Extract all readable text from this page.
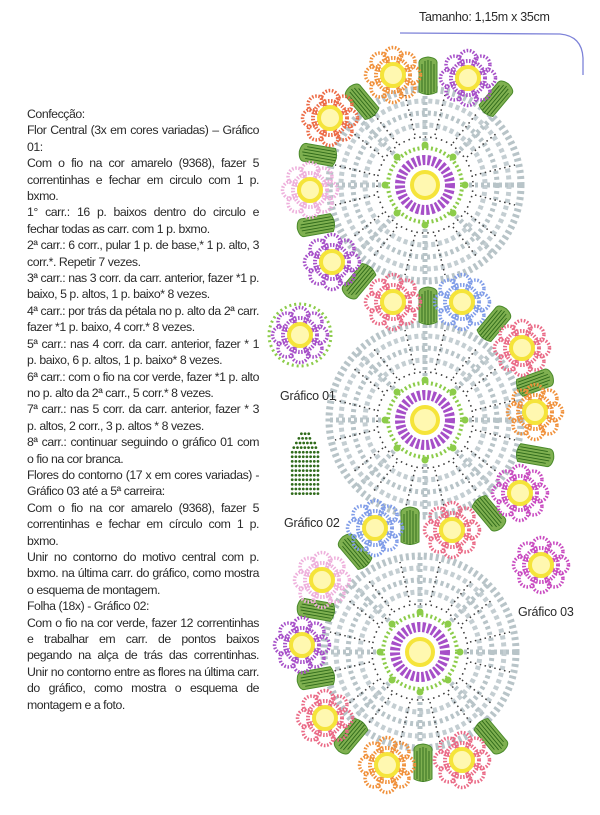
Tamanho: 1,15m x 35cm

Confecção:

Flor Central (3x em cores variadas) – Gráfico 01:

Com o fio na cor amarelo (9368), fazer 5 correntinhas e fechar em circulo com 1 p. bxmo.

1° carr.: 16 p. baixos dentro do circulo e fechar todas as carr. com 1 p. bxmo.

2ª carr.: 6 corr., pular 1 p. de base,* 1 p. alto, 3 corr.*. Repetir 7 vezes.

3ª carr.: nas 3 corr. da carr. anterior, fazer *1 p. baixo, 5 p. altos, 1 p. baixo* 8 vezes.

4ª carr.: por trás da pétala no p. alto da 2ª carr. fazer *1 p. baixo, 4 corr.* 8 vezes.

5ª carr.: nas 4 corr. da carr. anterior, fazer * 1 p. baixo, 6 p. altos, 1 p. baixo* 8 vezes.

6ª carr.: com o fio na cor verde, fazer *1 p. alto no p. alto da 2ª carr., 5 corr.* 8 vezes.

7ª carr.: nas 5 corr. da carr. anterior, fazer * 3 p. altos, 2 corr., 3 p. altos * 8 vezes.

8ª carr.: continuar seguindo o gráfico 01 com o fio na cor branca.

Flores do contorno (17 x em cores variadas) - Gráfico 03 até a 5ª carreira:

Com o fio na cor amarelo (9368), fazer 5 correntinhas e fechar em círculo com 1 p. bxmo.

Unir no contorno do motivo central com p. bxmo. na última carr. do gráfico, como mostra o esquema de montagem.

Folha (18x) - Gráfico 02:

Com o fio na cor verde, fazer 12 correntinhas e trabalhar em carr. de pontos baixos pegando na alça de trás das correntinhas. Unir no contorno entre as flores na última carr. do gráfico, como mostra o esquema de montagem e a foto.

Gráfico 01
Gráfico 02
Gráfico 03
